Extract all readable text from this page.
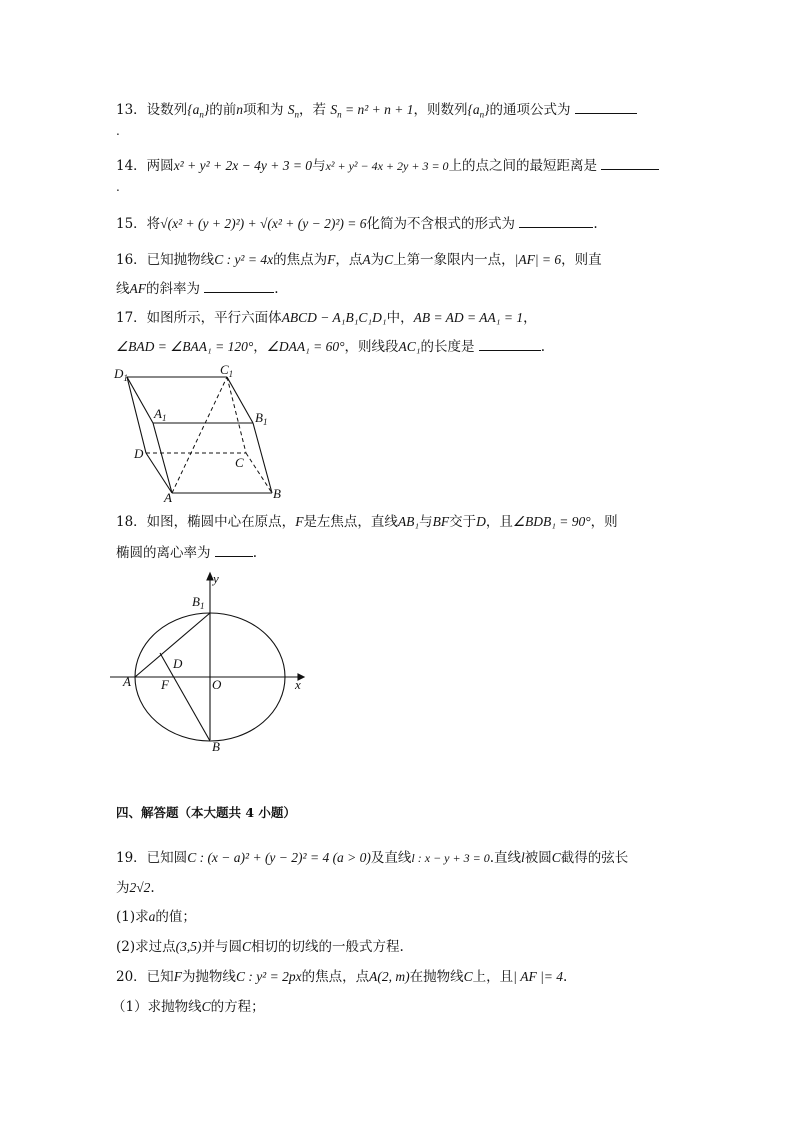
13．设数列$\{a_n\}$的前n项和为 $S_n$，若 $S_n = n^2 + n + 1$，则数列$\{a_n\}$的通项公式为
.
14．两圆x² + y² + 2x − 4y + 3 = 0与x² + y² − 4x + 2y + 3 = 0上的点之间的最短距离是
.
15．将√(x² + (y + 2)²) + √(x² + (y − 2)²) = 6化简为不含根式的形式为	.
16．已知抛物线C : y² = 4x的焦点为F，点A为C上第一象限内一点，|AF| = 6，则直
线AF的斜率为	.
17．如图所示，平行六面体ABCD − A₁B₁C₁D₁中，AB = AD = AA₁ = 1，
∠BAD = ∠BAA₁ = 120°，∠DAA₁ = 60°，则线段AC₁的长度是	.
$D_1$
$C_1$
$A_1$	$B_1$
D
C
A	B
18．如图，椭圆中心在原点，F是左焦点，直线AB₁与BF交于D，且∠BDB₁ = 90°，则
椭圆的离心率为	.
y
$B_1$
D
A F	O	x
B
四、解答题（本大题共 4 小题）
19．已知圆C : (x − a)² + (y − 2)² = 4 (a > 0)及直线l : x − y + 3 = 0.直线l被圆C截得的弦长
为2√2.
(1)求a的值；
(2)求过点(3,5)并与圆C相切的切线的一般式方程.
20．已知F为抛物线C : y² = 2px的焦点，点A(2, m)在抛物线C上，且| AF |= 4.
（1）求抛物线C的方程；
